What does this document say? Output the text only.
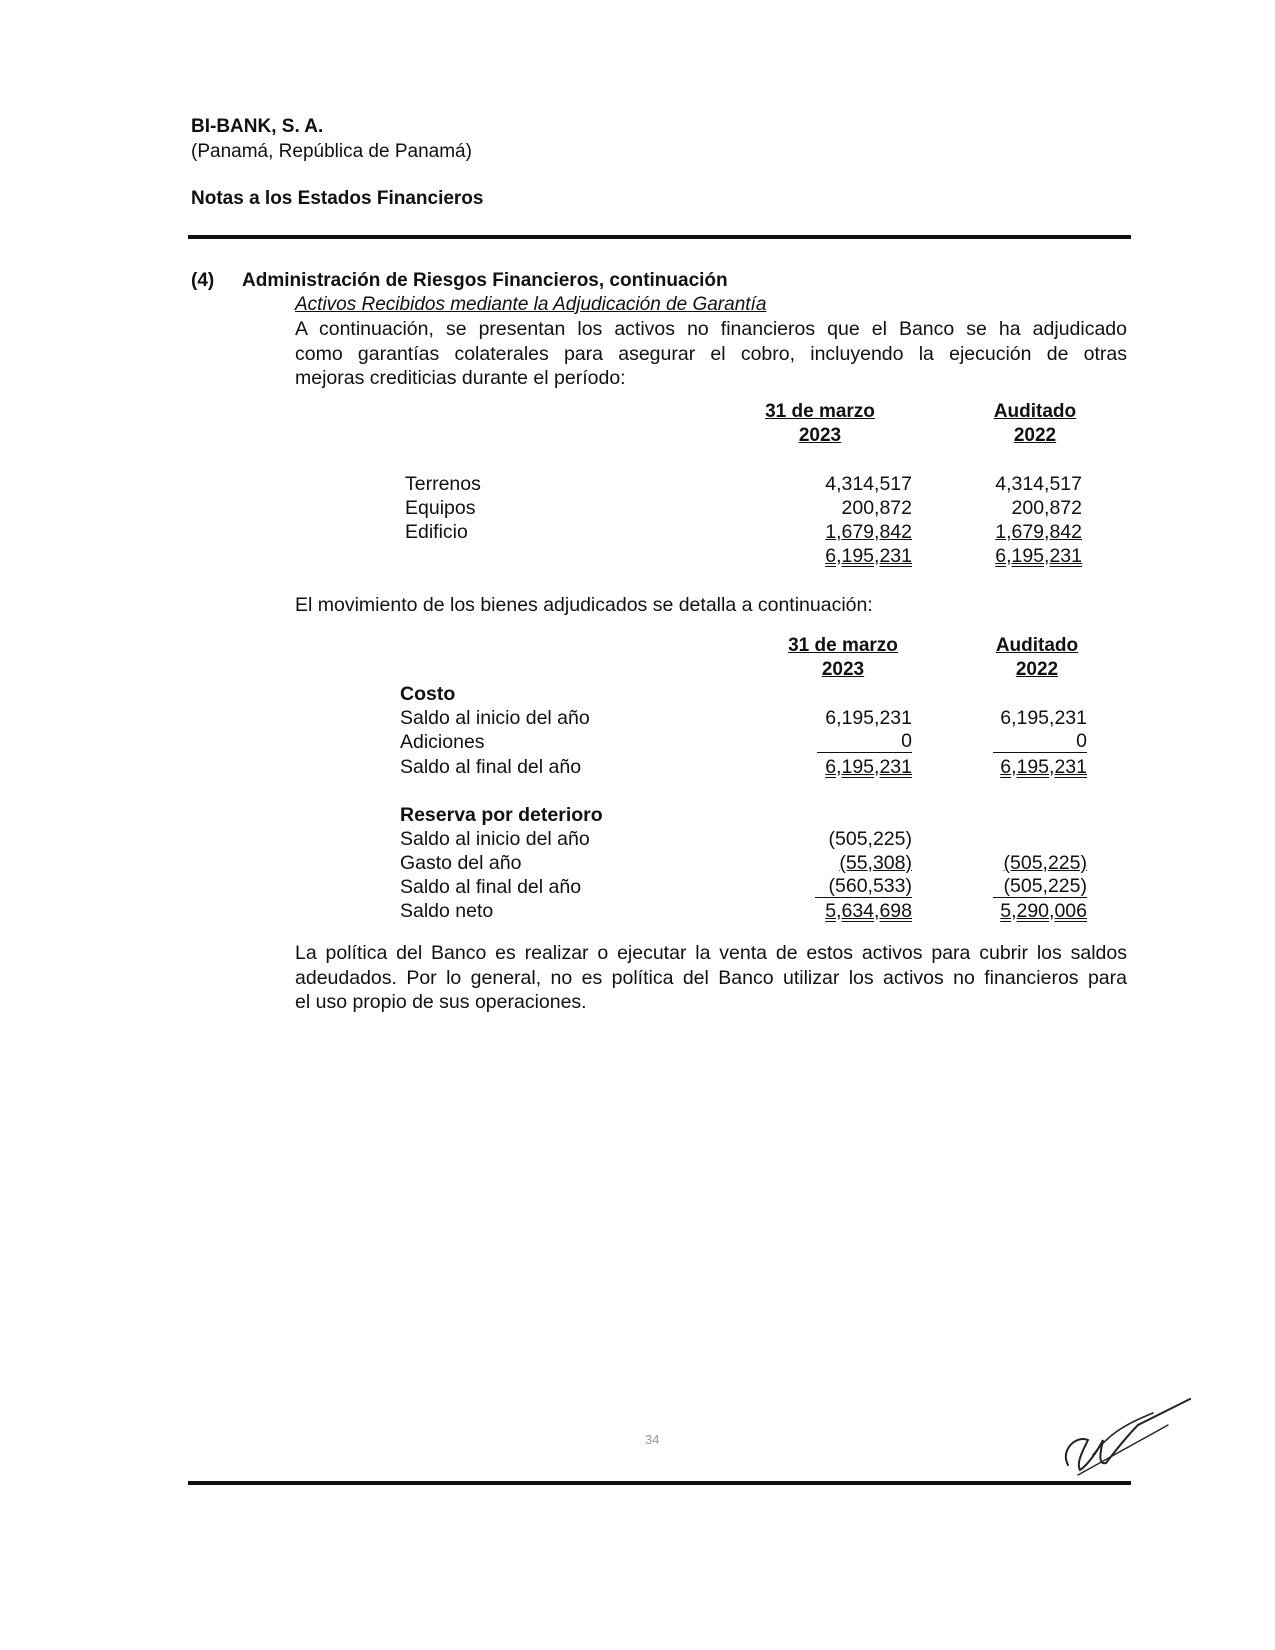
BI-BANK, S. A.
(Panamá, República de Panamá)
Notas a los Estados Financieros
(4) Administración de Riesgos Financieros, continuación
Activos Recibidos mediante la Adjudicación de Garantía
A continuación, se presentan los activos no financieros que el Banco se ha adjudicado
como garantías colaterales para asegurar el cobro, incluyendo la ejecución de otras
mejoras crediticias durante el período:
31 de marzo
2023
Auditado
2022
Terrenos	4,314,517	4,314,517
Equipos	200,872	200,872
Edificio	1,679,842	1,679,842
6,195,231	6,195,231
El movimiento de los bienes adjudicados se detalla a continuación:
31 de marzo
2023
Auditado
2022
Costo
Saldo al inicio del año	6,195,231	6,195,231
Adiciones	0	0
Saldo al final del año	6,195,231	6,195,231
Reserva por deterioro
Saldo al inicio del año	(505,225)
Gasto del año	(55,308)	(505,225)
Saldo al final del año	(560,533)	(505,225)
Saldo neto	5,634,698	5,290,006
La política del Banco es realizar o ejecutar la venta de estos activos para cubrir los saldos
adeudados. Por lo general, no es política del Banco utilizar los activos no financieros para
el uso propio de sus operaciones.
34
